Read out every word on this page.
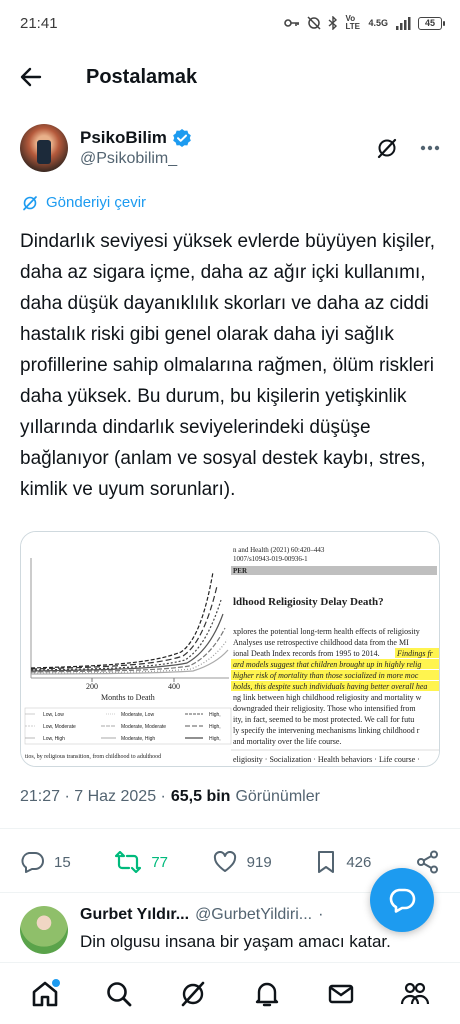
21:41	Vo LTE 4.5G	45
Postalamak
PsikoBilim
@Psikobilim_
Gönderiyi çevir
Dindarlık seviyesi yüksek evlerde büyüyen kişiler, daha az sigara içme, daha az ağır içki kullanımı, daha düşük dayanıklılık skorları ve daha az ciddi hastalık riski gibi genel olarak daha iyi sağlık profillerine sahip olmalarına rağmen, ölüm riskleri daha yüksek. Bu durum, bu kişilerin yetişkinlik yıllarında dindarlık seviyelerindeki düşüşe bağlanıyor (anlam ve sosyal destek kaybı, stres, kimlik ve uyum sorunları).
200	400
Months to Death
Low, Low	Moderate, Low	High,
Low, Moderate	Moderate, Moderate	High,
Low, High	Moderate, High	High,
tios, by religious transition, from childhood to adulthood
n and Health (2021) 60:420–443
1007/s10943-019-00936-1
PER
ldhood Religiosity Delay Death?
xplores the potential long-term health effects of religiosity
Analyses use retrospective childhood data from the MI
ional Death Index records from 1995 to 2014. Findings fr
ard models suggest that children brought up in highly relig
higher risk of mortality than those socialized in more moc
holds, this despite such individuals having better overall hea
ng link between high childhood religiosity and mortality w
downgraded their religiosity. Those who intensified from
ity, in fact, seemed to be most protected. We call for futu
ly specify the intervening mechanisms linking childhood r
and mortality over the life course.
eligiosity · Socialization · Health behaviors · Life course ·
21:27 · 7 Haz 2025 · 65,5 bin Görünümler
15	77	919	426
Gurbet Yıldır... @GurbetYildiri... ·
Din olgusu insana bir yaşam amacı katar.
